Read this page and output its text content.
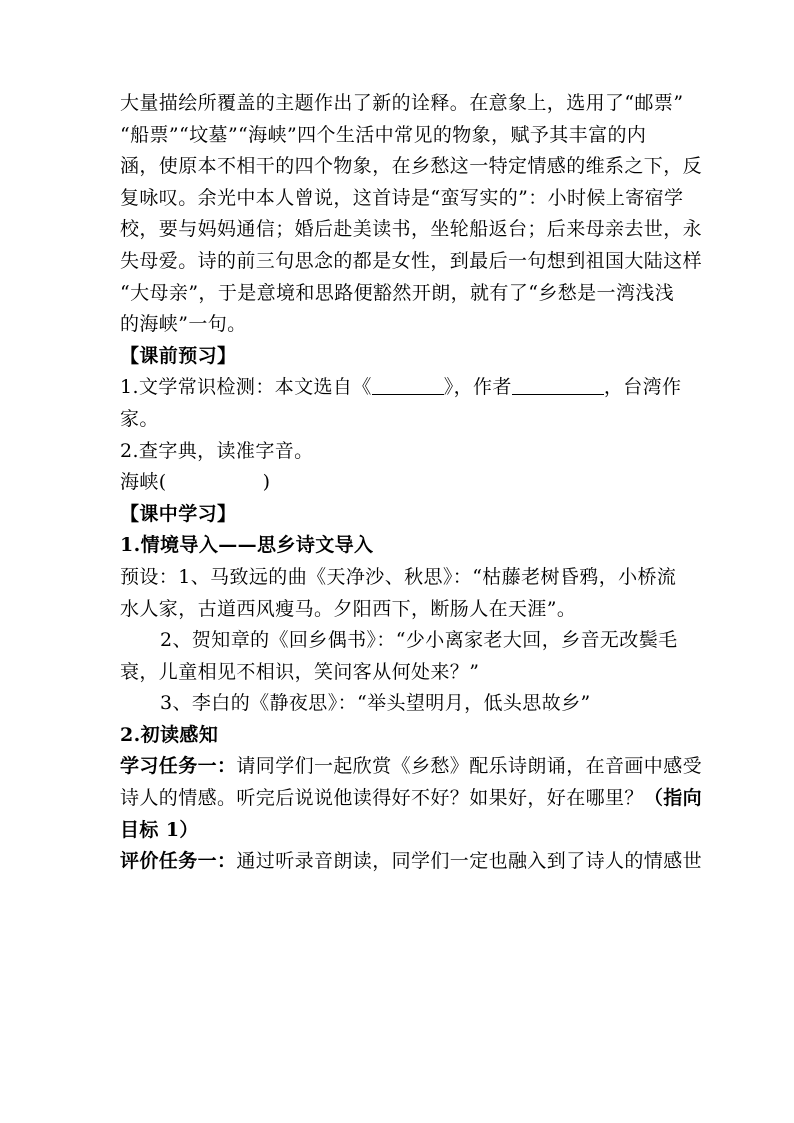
大量描绘所覆盖的主题作出了新的诠释。在意象上，选用了“邮票”
“船票”“坟墓”“海峡”四个生活中常见的物象，赋予其丰富的内
涵，使原本不相干的四个物象，在乡愁这一特定情感的维系之下，反
复咏叹。余光中本人曾说，这首诗是“蛮写实的”：小时候上寄宿学
校，要与妈妈通信；婚后赴美读书，坐轮船返台；后来母亲去世，永
失母爱。诗的前三句思念的都是女性，到最后一句想到祖国大陆这样
“大母亲”，于是意境和思路便豁然开朗，就有了“乡愁是一湾浅浅
的海峡”一句。
【课前预习】
1.文学常识检测：本文选自《	》，作者	，台湾作
家。
2.查字典，读准字音。
海峡(	)
【课中学习】
1.情境导入——思乡诗文导入
预设：1、马致远的曲《天净沙、秋思》：“枯藤老树昏鸦，小桥流
水人家，古道西风瘦马。夕阳西下，断肠人在天涯”。
2、贺知章的《回乡偶书》：“少小离家老大回，乡音无改鬓毛
衰，儿童相见不相识，笑问客从何处来？”
3、李白的《静夜思》：“举头望明月，低头思故乡”
2.初读感知
学习任务一：请同学们一起欣赏《乡愁》配乐诗朗诵，在音画中感受
诗人的情感。听完后说说他读得好不好？如果好，好在哪里？（指向
目标 1）
评价任务一：通过听录音朗读，同学们一定也融入到了诗人的情感世
